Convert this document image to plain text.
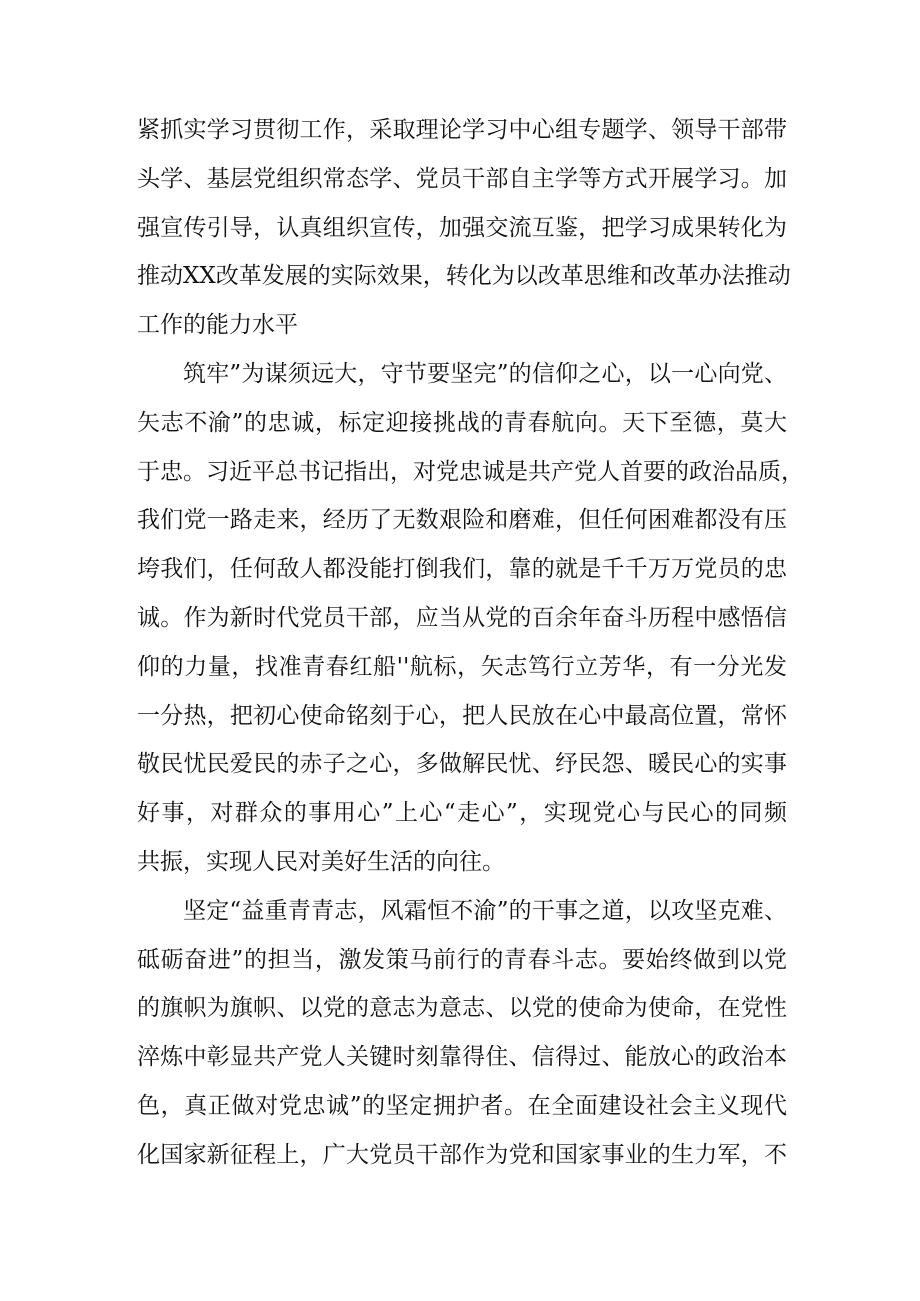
紧抓实学习贯彻工作，采取理论学习中心组专题学、领导干部带
头学、基层党组织常态学、党员干部自主学等方式开展学习。加
强宣传引导，认真组织宣传，加强交流互鉴，把学习成果转化为
推动XX改革发展的实际效果，转化为以改革思维和改革办法推动
工作的能力水平
筑牢”为谋须远大，守节要坚完”的信仰之心，以一心向党、
矢志不渝”的忠诚，标定迎接挑战的青春航向。天下至德，莫大
于忠。习近平总书记指出，对党忠诚是共产党人首要的政治品质，
我们党一路走来，经历了无数艰险和磨难，但任何困难都没有压
垮我们，任何敌人都没能打倒我们，靠的就是千千万万党员的忠
诚。作为新时代党员干部，应当从党的百余年奋斗历程中感悟信
仰的力量，找准青春红船''航标，矢志笃行立芳华，有一分光发
一分热，把初心使命铭刻于心，把人民放在心中最高位置，常怀
敬民忧民爱民的赤子之心，多做解民忧、纾民怨、暖民心的实事
好事，对群众的事用心”上心“走心”，实现党心与民心的同频
共振，实现人民对美好生活的向往。
坚定“益重青青志，风霜恒不渝”的干事之道，以攻坚克难、
砥砺奋进”的担当，激发策马前行的青春斗志。要始终做到以党
的旗帜为旗帜、以党的意志为意志、以党的使命为使命，在党性
淬炼中彰显共产党人关键时刻靠得住、信得过、能放心的政治本
色，真正做对党忠诚”的坚定拥护者。在全面建设社会主义现代
化国家新征程上，广大党员干部作为党和国家事业的生力军，不
